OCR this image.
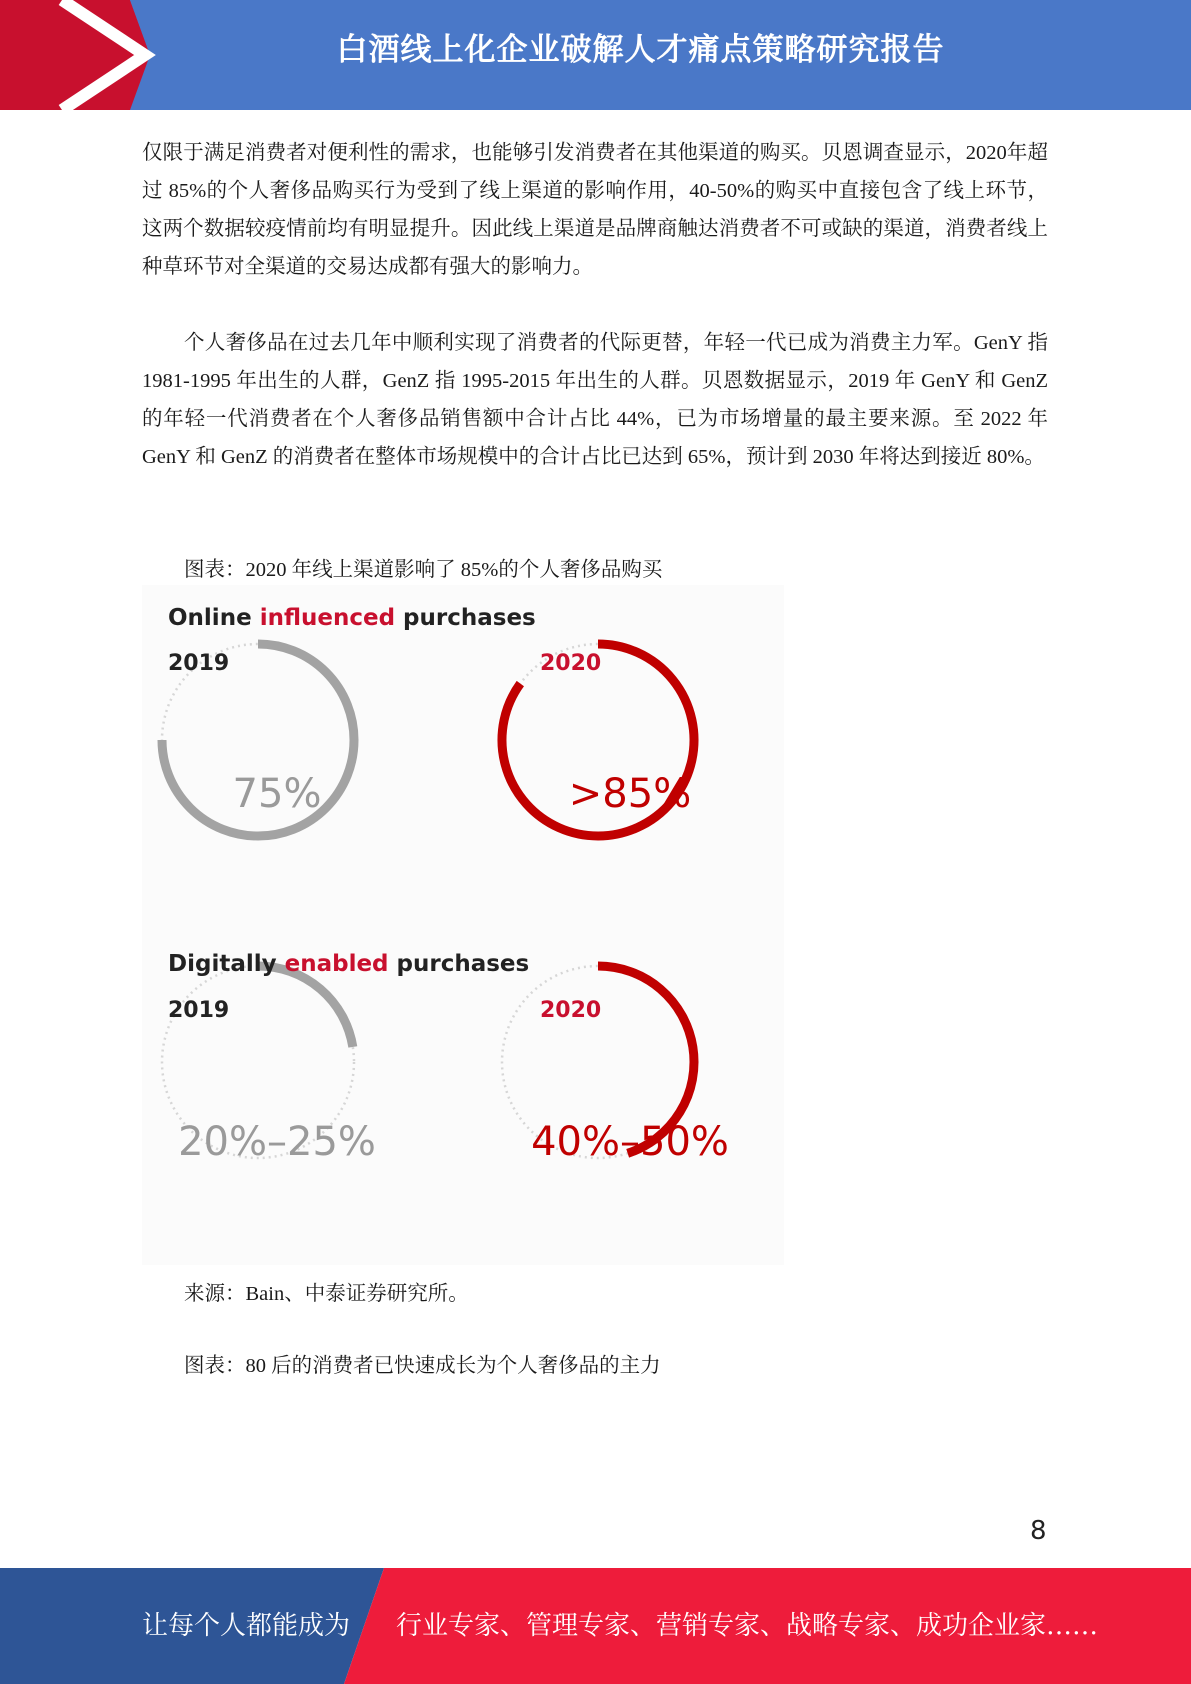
白酒线上化企业破解人才痛点策略研究报告

仅限于满足消费者对便利性的需求，也能够引发消费者在其他渠道的购买。贝恩调查显示，2020年超过 85%的个人奢侈品购买行为受到了线上渠道的影响作用，40-50%的购买中直接包含了线上环节，这两个数据较疫情前均有明显提升。因此线上渠道是品牌商触达消费者不可或缺的渠道，消费者线上种草环节对全渠道的交易达成都有强大的影响力。

个人奢侈品在过去几年中顺利实现了消费者的代际更替，年轻一代已成为消费主力军。GenY 指 1981-1995 年出生的人群，GenZ 指 1995-2015 年出生的人群。贝恩数据显示，2019 年 GenY 和 GenZ 的年轻一代消费者在个人奢侈品销售额中合计占比 44%，已为市场增量的最主要来源。至 2022 年 GenY 和 GenZ 的消费者在整体市场规模中的合计占比已达到 65%，预计到 2030 年将达到接近 80%。

图表：2020 年线上渠道影响了 85%的个人奢侈品购买
Online influenced purchases
2019	2020
75%	>85%
Digitally enabled purchases
2019	2020
20%–25%	40%–50%
来源：Bain、中泰证券研究所。
图表：80 后的消费者已快速成长为个人奢侈品的主力
8
让每个人都能成为 行业专家、管理专家、营销专家、战略专家、成功企业家……
